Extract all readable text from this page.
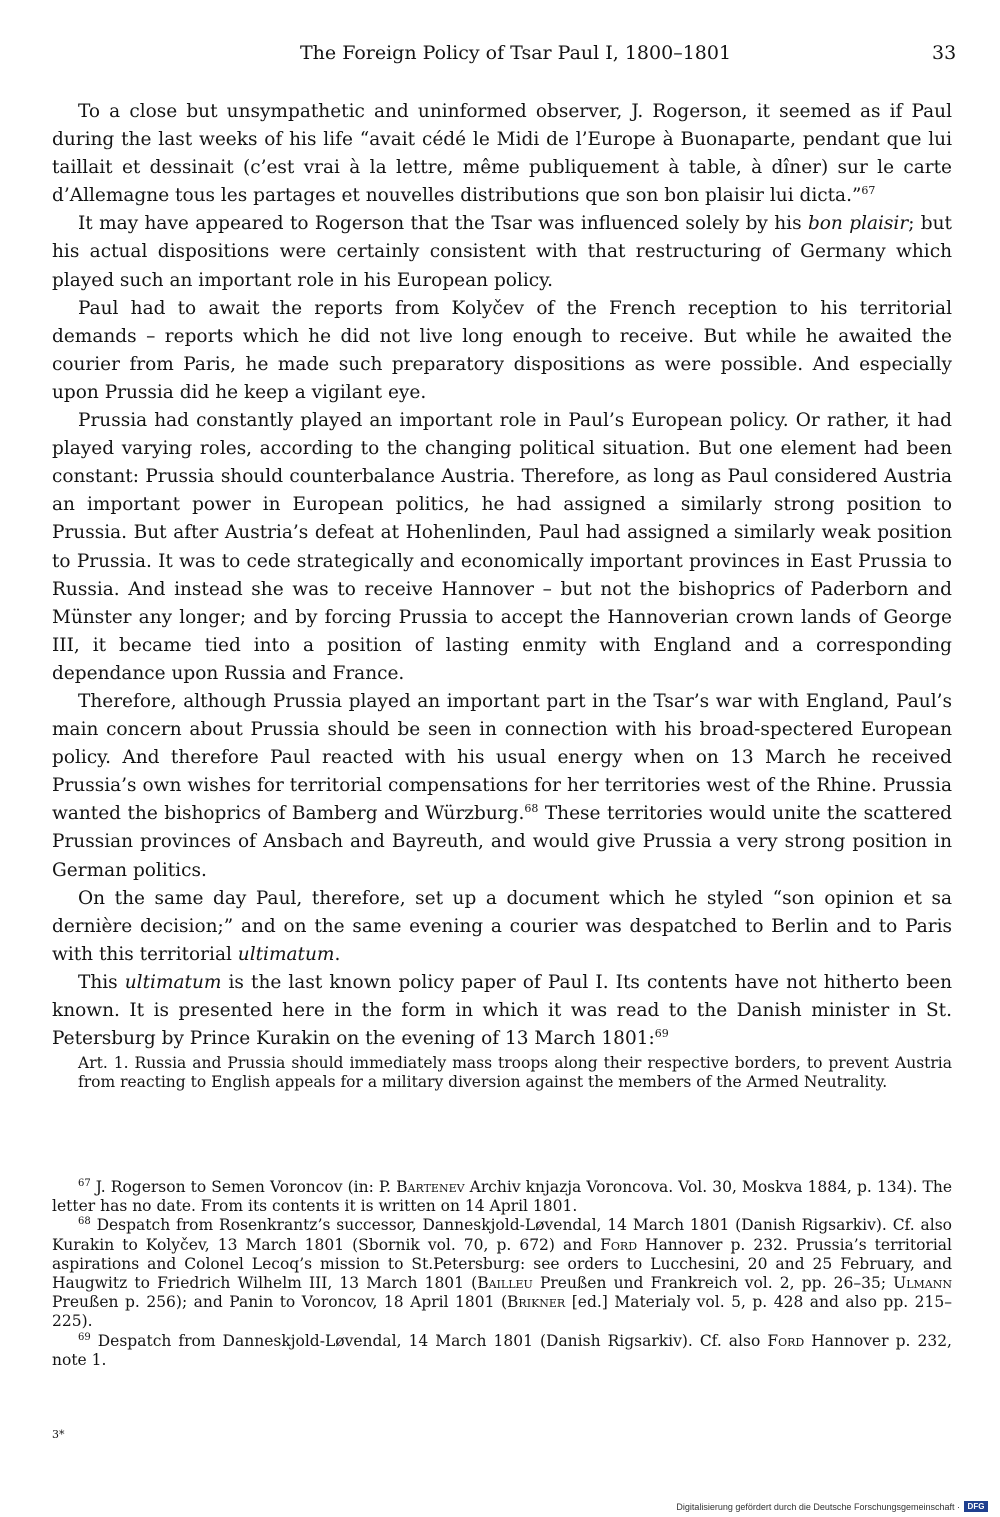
The Foreign Policy of Tsar Paul I, 1800–1801	33

To a close but unsympathetic and uninformed observer, J. Rogerson, it seemed as if Paul during the last weeks of his life “avait cédé le Midi de l’Europe à Buonaparte, pendant que lui taillait et dessinait (c’est vrai à la lettre, même publiquement à table, à dîner) sur le carte d’Allemagne tous les partages et nouvelles distributions que son bon plaisir lui dicta.”$^{67}$

It may have appeared to Rogerson that the Tsar was influenced solely by his bon plaisir; but his actual dispositions were certainly consistent with that restructuring of Germany which played such an important role in his European policy.

Paul had to await the reports from Kolyčev of the French reception to his territorial demands – reports which he did not live long enough to receive. But while he awaited the courier from Paris, he made such preparatory dispositions as were possible. And especially upon Prussia did he keep a vigilant eye.

Prussia had constantly played an important role in Paul’s European policy. Or rather, it had played varying roles, according to the changing political situation. But one element had been constant: Prussia should counterbalance Austria. Therefore, as long as Paul considered Austria an important power in European politics, he had assigned a similarly strong position to Prussia. But after Austria’s defeat at Hohenlinden, Paul had assigned a similarly weak position to Prussia. It was to cede strategically and economically important provinces in East Prussia to Russia. And instead she was to receive Hannover – but not the bishoprics of Paderborn and Münster any longer; and by forcing Prussia to accept the Hannoverian crown lands of George III, it became tied into a position of lasting enmity with England and a corresponding dependance upon Russia and France.

Therefore, although Prussia played an important part in the Tsar’s war with England, Paul’s main concern about Prussia should be seen in connection with his broad-spectered European policy. And therefore Paul reacted with his usual energy when on 13 March he received Prussia’s own wishes for territorial compensations for her territories west of the Rhine. Prussia wanted the bishoprics of Bamberg and Würzburg.$^{68}$ These territories would unite the scattered Prussian provinces of Ansbach and Bayreuth, and would give Prussia a very strong position in German politics.

On the same day Paul, therefore, set up a document which he styled “son opinion et sa dernière decision;” and on the same evening a courier was despatched to Berlin and to Paris with this territorial ultimatum.

This ultimatum is the last known policy paper of Paul I. Its contents have not hitherto been known. It is presented here in the form in which it was read to the Danish minister in St. Petersburg by Prince Kurakin on the evening of 13 March 1801:$^{69}$

Art. 1. Russia and Prussia should immediately mass troops along their respective borders, to prevent Austria from reacting to English appeals for a military diversion against the members of the Armed Neutrality.

$^{67}$ J. Rogerson to Semen Voroncov (in: P. Bartenev Archiv knjazja Voroncova. Vol. 30, Moskva 1884, p. 134). The letter has no date. From its contents it is written on 14 April 1801.

$^{68}$ Despatch from Rosenkrantz’s successor, Danneskjold-Løvendal, 14 March 1801 (Danish Rigsarkiv). Cf. also Kurakin to Kolyčev, 13 March 1801 (Sbornik vol. 70, p. 672) and Ford Hannover p. 232. Prussia’s territorial aspirations and Colonel Lecoq’s mission to St.Petersburg: see orders to Lucchesini, 20 and 25 February, and Haugwitz to Friedrich Wilhelm III, 13 March 1801 (Bailleu Preußen und Frankreich vol. 2, pp. 26–35; Ulmann Preußen p. 256); and Panin to Voroncov, 18 April 1801 (Brikner [ed.] Materialy vol. 5, p. 428 and also pp. 215–225).

$^{69}$ Despatch from Danneskjold-Løvendal, 14 March 1801 (Danish Rigsarkiv). Cf. also Ford Hannover p. 232, note 1.

3*
Digitalisierung gefördert durch die Deutsche Forschungsgemeinschaft · DFG
